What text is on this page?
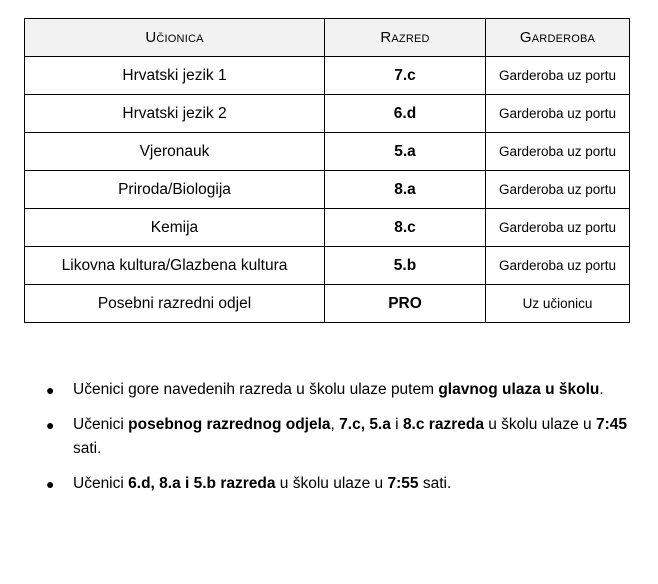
Učionica	Razred	Garderoba
Hrvatski jezik 1	7.c	Garderoba uz portu
Hrvatski jezik 2	6.d	Garderoba uz portu
Vjeronauk	5.a	Garderoba uz portu
Priroda/Biologija	8.a	Garderoba uz portu
Kemija	8.c	Garderoba uz portu
Likovna kultura/Glazbena kultura	5.b	Garderoba uz portu
Posebni razredni odjel	PRO	Uz učionicu
● Učenici gore navedenih razreda u školu ulaze putem glavnog ulaza u školu.
● Učenici posebnog razrednog odjela, 7.c, 5.a i 8.c razreda u školu ulaze u 7:45 sati.
● Učenici 6.d, 8.a i 5.b razreda u školu ulaze u 7:55 sati.
